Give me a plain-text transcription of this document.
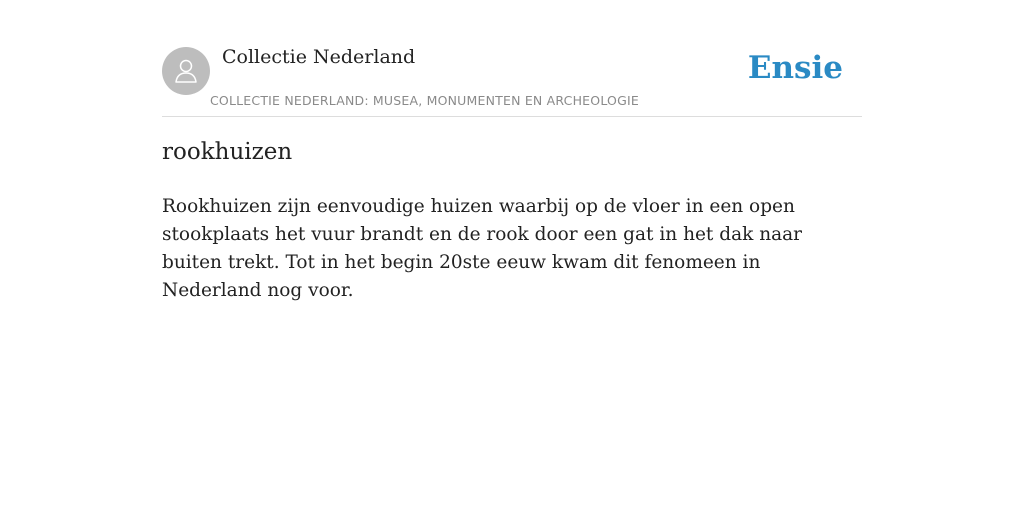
Collectie Nederland
COLLECTIE NEDERLAND: MUSEA, MONUMENTEN EN ARCHEOLOGIE
Ensie
rookhuizen

Rookhuizen zijn eenvoudige huizen waarbij op de vloer in een open stookplaats het vuur brandt en de rook door een gat in het dak naar buiten trekt. Tot in het begin 20ste eeuw kwam dit fenomeen in Nederland nog voor.
